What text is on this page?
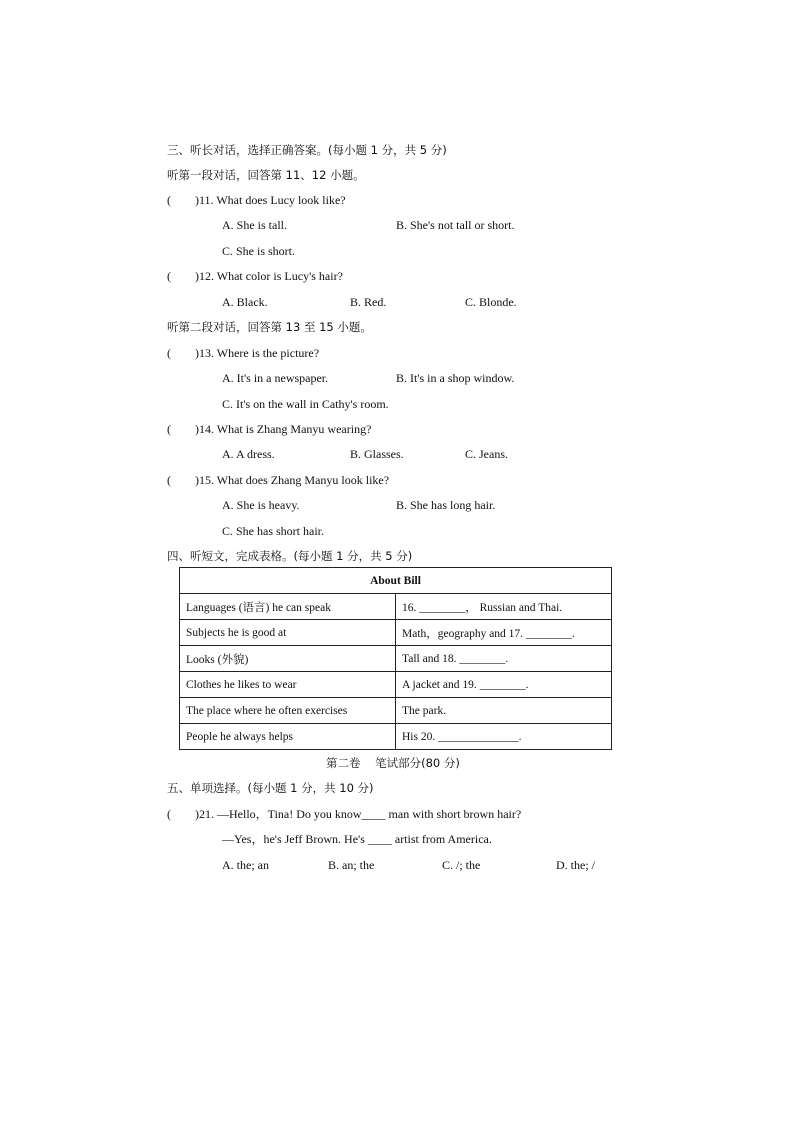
三、听长对话，选择正确答案。(每小题 1 分，共 5 分)
听第一段对话，回答第 11、12 小题。
(        ) 11. What does Lucy look like?
A. She is tall.	B. She's not tall or short.
C. She is short.
(        ) 12. What color is Lucy's hair?
A. Black.	B. Red.	C. Blonde.
听第二段对话，回答第 13 至 15 小题。
(        ) 13. Where is the picture?
A. It's in a newspaper.	B. It's in a shop window.
C. It's on the wall in Cathy's room.
(        ) 14. What is Zhang Manyu wearing?
A. A dress.	B. Glasses.	C. Jeans.
(        ) 15. What does Zhang Manyu look like?
A. She is heavy.	B. She has long hair.
C. She has short hair.
四、听短文，完成表格。(每小题 1 分，共 5 分)
About Bill	
Languages (语言) he can speak	16. ________， Russian and Thai.
Subjects he is good at	Math，geography and 17. ________.
Looks (外貌)	Tall and 18. ________.
Clothes he likes to wear	A jacket and 19. ________.
The place where he often exercises	The park.
People he always helps	His 20. ______________.
第二卷    笔试部分(80 分)
五、单项选择。(每小题 1 分，共 10 分)
(        ) 21. —Hello，Tina! Do you know____ man with short brown hair?
—Yes，he's Jeff Brown. He's ____ artist from America.
A. the; an	B. an; the	C. /; the	D. the; /
